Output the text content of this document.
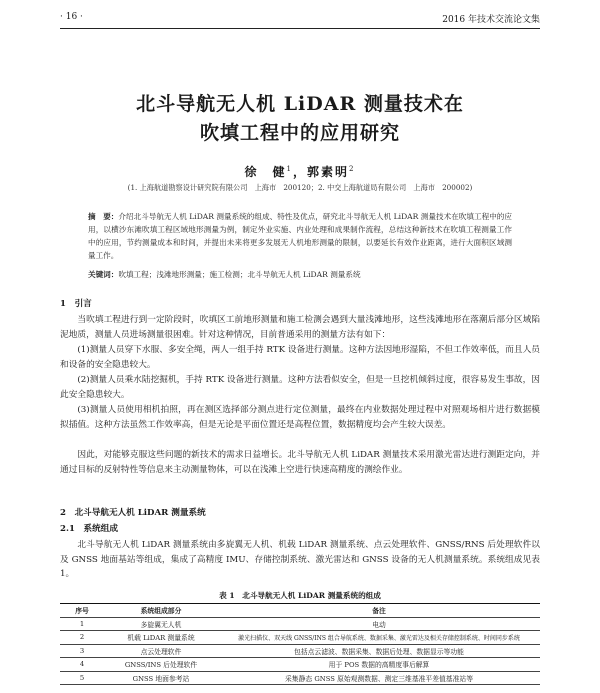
· 16 ·	2016 年技术交流论文集
北斗导航无人机 LiDAR 测量技术在
吹填工程中的应用研究
徐　健$^1$，郭素明$^2$
(1. 上海航道勘察设计研究院有限公司　上海市　200120；2. 中交上海航道局有限公司　上海市　200002)
摘　要：介绍北斗导航无人机 LiDAR 测量系统的组成、特性及优点，研究北斗导航无人机 LiDAR 测量技术在吹填工程中的应用，以横沙东滩吹填工程区域地形测量为例，制定外业实施、内业处理和成果制作流程，总结这种新技术在吹填工程测量工作中的应用，节约测量成本和时间，并提出未来将更多发展无人机地形测量的限制，以要延长有效作业距离，进行大面积区域测量工作。
关键词：吹填工程；浅滩地形测量；施工检测；北斗导航无人机 LiDAR 测量系统
1　引言
当吹填工程进行到一定阶段时，吹填区工前地形测量和施工检测会遇到大量浅滩地形，这些浅滩地形在落潮后部分区域陷泥地质，测量人员进场测量很困难。针对这种情况，目前普通采用的测量方法有如下：
(1)测量人员穿下水服、多安全绳，两人一组手持 RTK 设备进行测量。这种方法因地形湿陷，不但工作效率低，而且人员和设备的安全隐患较大。
(2)测量人员乘水陆挖掘机，手持 RTK 设备进行测量。这种方法看似安全，但是一旦挖机倾斜过度，很容易发生事故，因此安全隐患较大。
(3)测量人员使用相机拍照，再在测区选择部分测点进行定位测量，最终在内业数据处理过程中对照观场相片进行数据模拟插值。这种方法虽然工作效率高，但是无论是平面位置还是高程位置，数据精度均会产生较大误差。
因此，对能够克服这些问题的新技术的需求日益增长。北斗导航无人机 LiDAR 测量技术采用激光雷达进行测距定向，并通过目标的反射特性等信息来主动测量物体，可以在浅滩上空进行快速高精度的测绘作业。
2　北斗导航无人机 LiDAR 测量系统
2.1　系统组成
北斗导航无人机 LiDAR 测量系统由多旋翼无人机、机载 LiDAR 测量系统、点云处理软件、GNSS/RNS 后处理软件以及 GNSS 地面基站等组成，集成了高精度 IMU、存储控制系统、激光雷达和 GNSS 设备的无人机测量系统。系统组成见表 1。
表 1　北斗导航无人机 LiDAR 测量系统的组成
序号	系统组成部分	备注
1	多旋翼无人机	电动
2	机载 LiDAR 测量系统	激光扫描仪、双天线 GNSS/INS 组合导航系统、数据采集、激光雷达及相关存储控制系统、时间同步系统
3	点云处理软件	包括点云滤波、数据采集、数据后处理、数据显示等功能
4	GNSS/INS 后处理软件	用于 POS 数据的高精度事后解算
5	GNSS 地面参考站	采集静态 GNSS 原始观测数据、测定三维基准平差值基准站等
